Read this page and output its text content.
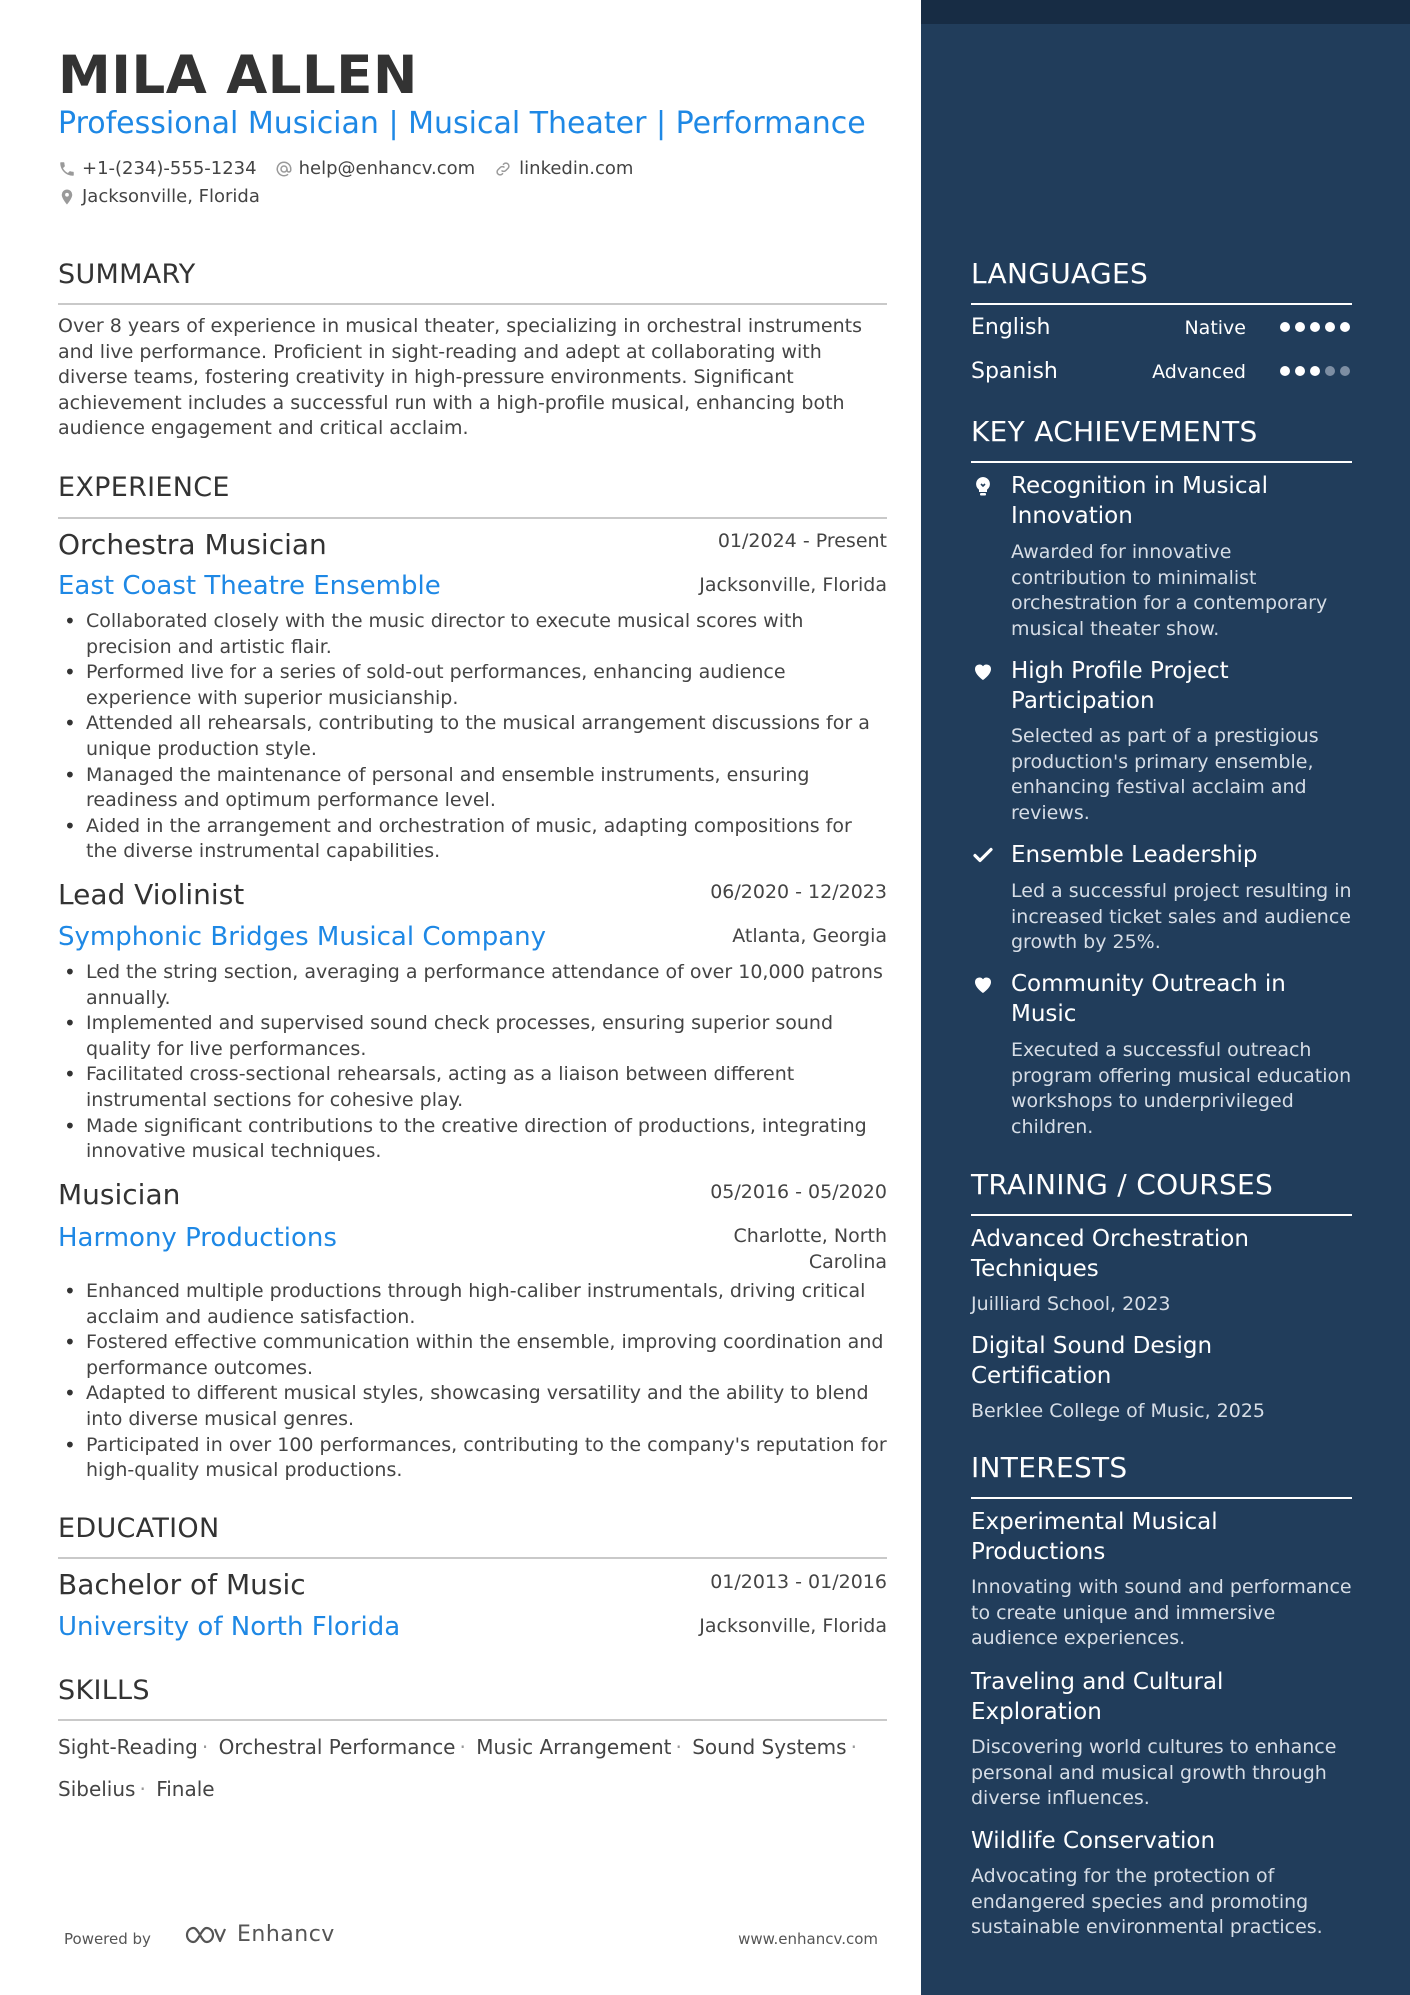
MILA ALLEN
Professional Musician | Musical Theater | Performance
+1-(234)-555-1234 help@enhancv.com linkedin.com
Jacksonville, Florida
SUMMARY
Over 8 years of experience in musical theater, specializing in orchestral instruments and live performance. Proficient in sight-reading and adept at collaborating with diverse teams, fostering creativity in high-pressure environments. Significant achievement includes a successful run with a high-profile musical, enhancing both audience engagement and critical acclaim.
EXPERIENCE
Orchestra Musician	01/2024 - Present
East Coast Theatre Ensemble	Jacksonville, Florida
• Collaborated closely with the music director to execute musical scores with precision and artistic flair.
• Performed live for a series of sold-out performances, enhancing audience experience with superior musicianship.
• Attended all rehearsals, contributing to the musical arrangement discussions for a unique production style.
• Managed the maintenance of personal and ensemble instruments, ensuring readiness and optimum performance level.
• Aided in the arrangement and orchestration of music, adapting compositions for the diverse instrumental capabilities.
Lead Violinist	06/2020 - 12/2023
Symphonic Bridges Musical Company	Atlanta, Georgia
• Led the string section, averaging a performance attendance of over 10,000 patrons annually.
• Implemented and supervised sound check processes, ensuring superior sound quality for live performances.
• Facilitated cross-sectional rehearsals, acting as a liaison between different instrumental sections for cohesive play.
• Made significant contributions to the creative direction of productions, integrating innovative musical techniques.
Musician	05/2016 - 05/2020
Harmony Productions	Charlotte, North
Carolina
• Enhanced multiple productions through high-caliber instrumentals, driving critical acclaim and audience satisfaction.
• Fostered effective communication within the ensemble, improving coordination and performance outcomes.
• Adapted to different musical styles, showcasing versatility and the ability to blend into diverse musical genres.
• Participated in over 100 performances, contributing to the company's reputation for high-quality musical productions.
EDUCATION
Bachelor of Music	01/2013 - 01/2016
University of North Florida	Jacksonville, Florida
SKILLS
Sight-Reading · Orchestral Performance · Music Arrangement · Sound Systems ·
Sibelius · Finale
Powered by	Enhancv	www.enhancv.com
LANGUAGES
English	Native
Spanish	Advanced
KEY ACHIEVEMENTS
Recognition in Musical
Innovation
Awarded for innovative contribution to minimalist orchestration for a contemporary musical theater show.
High Profile Project
Participation
Selected as part of a prestigious production's primary ensemble, enhancing festival acclaim and reviews.
Ensemble Leadership
Led a successful project resulting in increased ticket sales and audience growth by 25%.
Community Outreach in
Music
Executed a successful outreach program offering musical education workshops to underprivileged children.
TRAINING / COURSES
Advanced Orchestration
Techniques
Juilliard School, 2023
Digital Sound Design
Certification
Berklee College of Music, 2025
INTERESTS
Experimental Musical
Productions
Innovating with sound and performance to create unique and immersive audience experiences.
Traveling and Cultural
Exploration
Discovering world cultures to enhance personal and musical growth through diverse influences.
Wildlife Conservation
Advocating for the protection of endangered species and promoting sustainable environmental practices.
